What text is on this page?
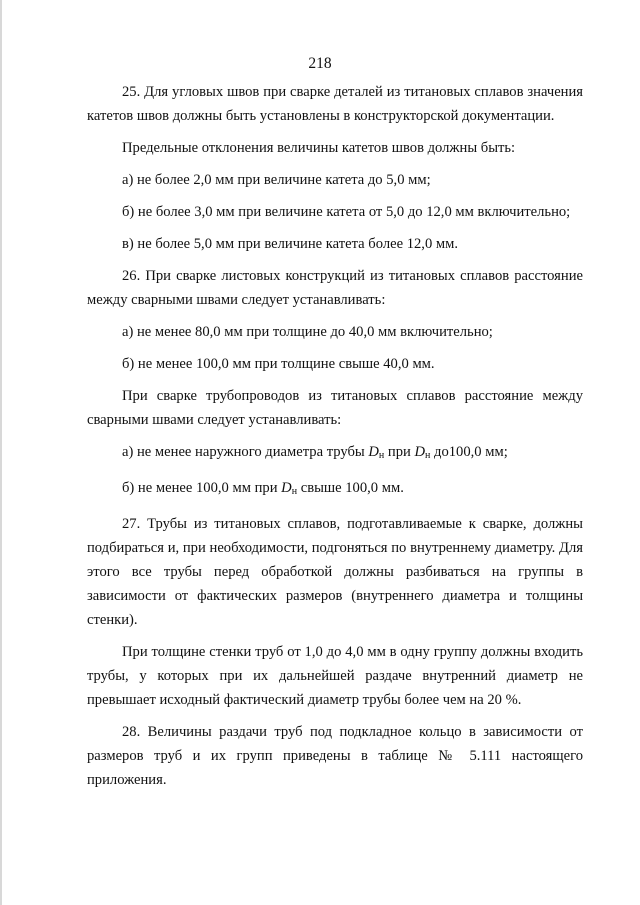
218

25. Для угловых швов при сварке деталей из титановых сплавов значения катетов швов должны быть установлены в конструкторской документации.

Предельные отклонения величины катетов швов должны быть:

а) не более 2,0 мм при величине катета до 5,0 мм;

б) не более 3,0 мм при величине катета от 5,0 до 12,0 мм включительно;

в) не более 5,0 мм при величине катета более 12,0 мм.

26. При сварке листовых конструкций из титановых сплавов расстояние между сварными швами следует устанавливать:

а) не менее 80,0 мм при толщине до 40,0 мм включительно;

б) не менее 100,0 мм при толщине свыше 40,0 мм.

При сварке трубопроводов из титановых сплавов расстояние между сварными швами следует устанавливать:

а) не менее наружного диаметра трубы $D_н$ при $D_н$ до100,0 мм;

б) не менее 100,0 мм при $D_н$ свыше 100,0 мм.

27. Трубы из титановых сплавов, подготавливаемые к сварке, должны подбираться и, при необходимости, подгоняться по внутреннему диаметру. Для этого все трубы перед обработкой должны разбиваться на группы в зависимости от фактических размеров (внутреннего диаметра и толщины стенки).

При толщине стенки труб от 1,0 до 4,0 мм в одну группу должны входить трубы, у которых при их дальнейшей раздаче внутренний диаметр не превышает исходный фактический диаметр трубы более чем на 20 %.

28. Величины раздачи труб под подкладное кольцо в зависимости от размеров труб и их групп приведены в таблице № 5.111 настоящего приложения.
